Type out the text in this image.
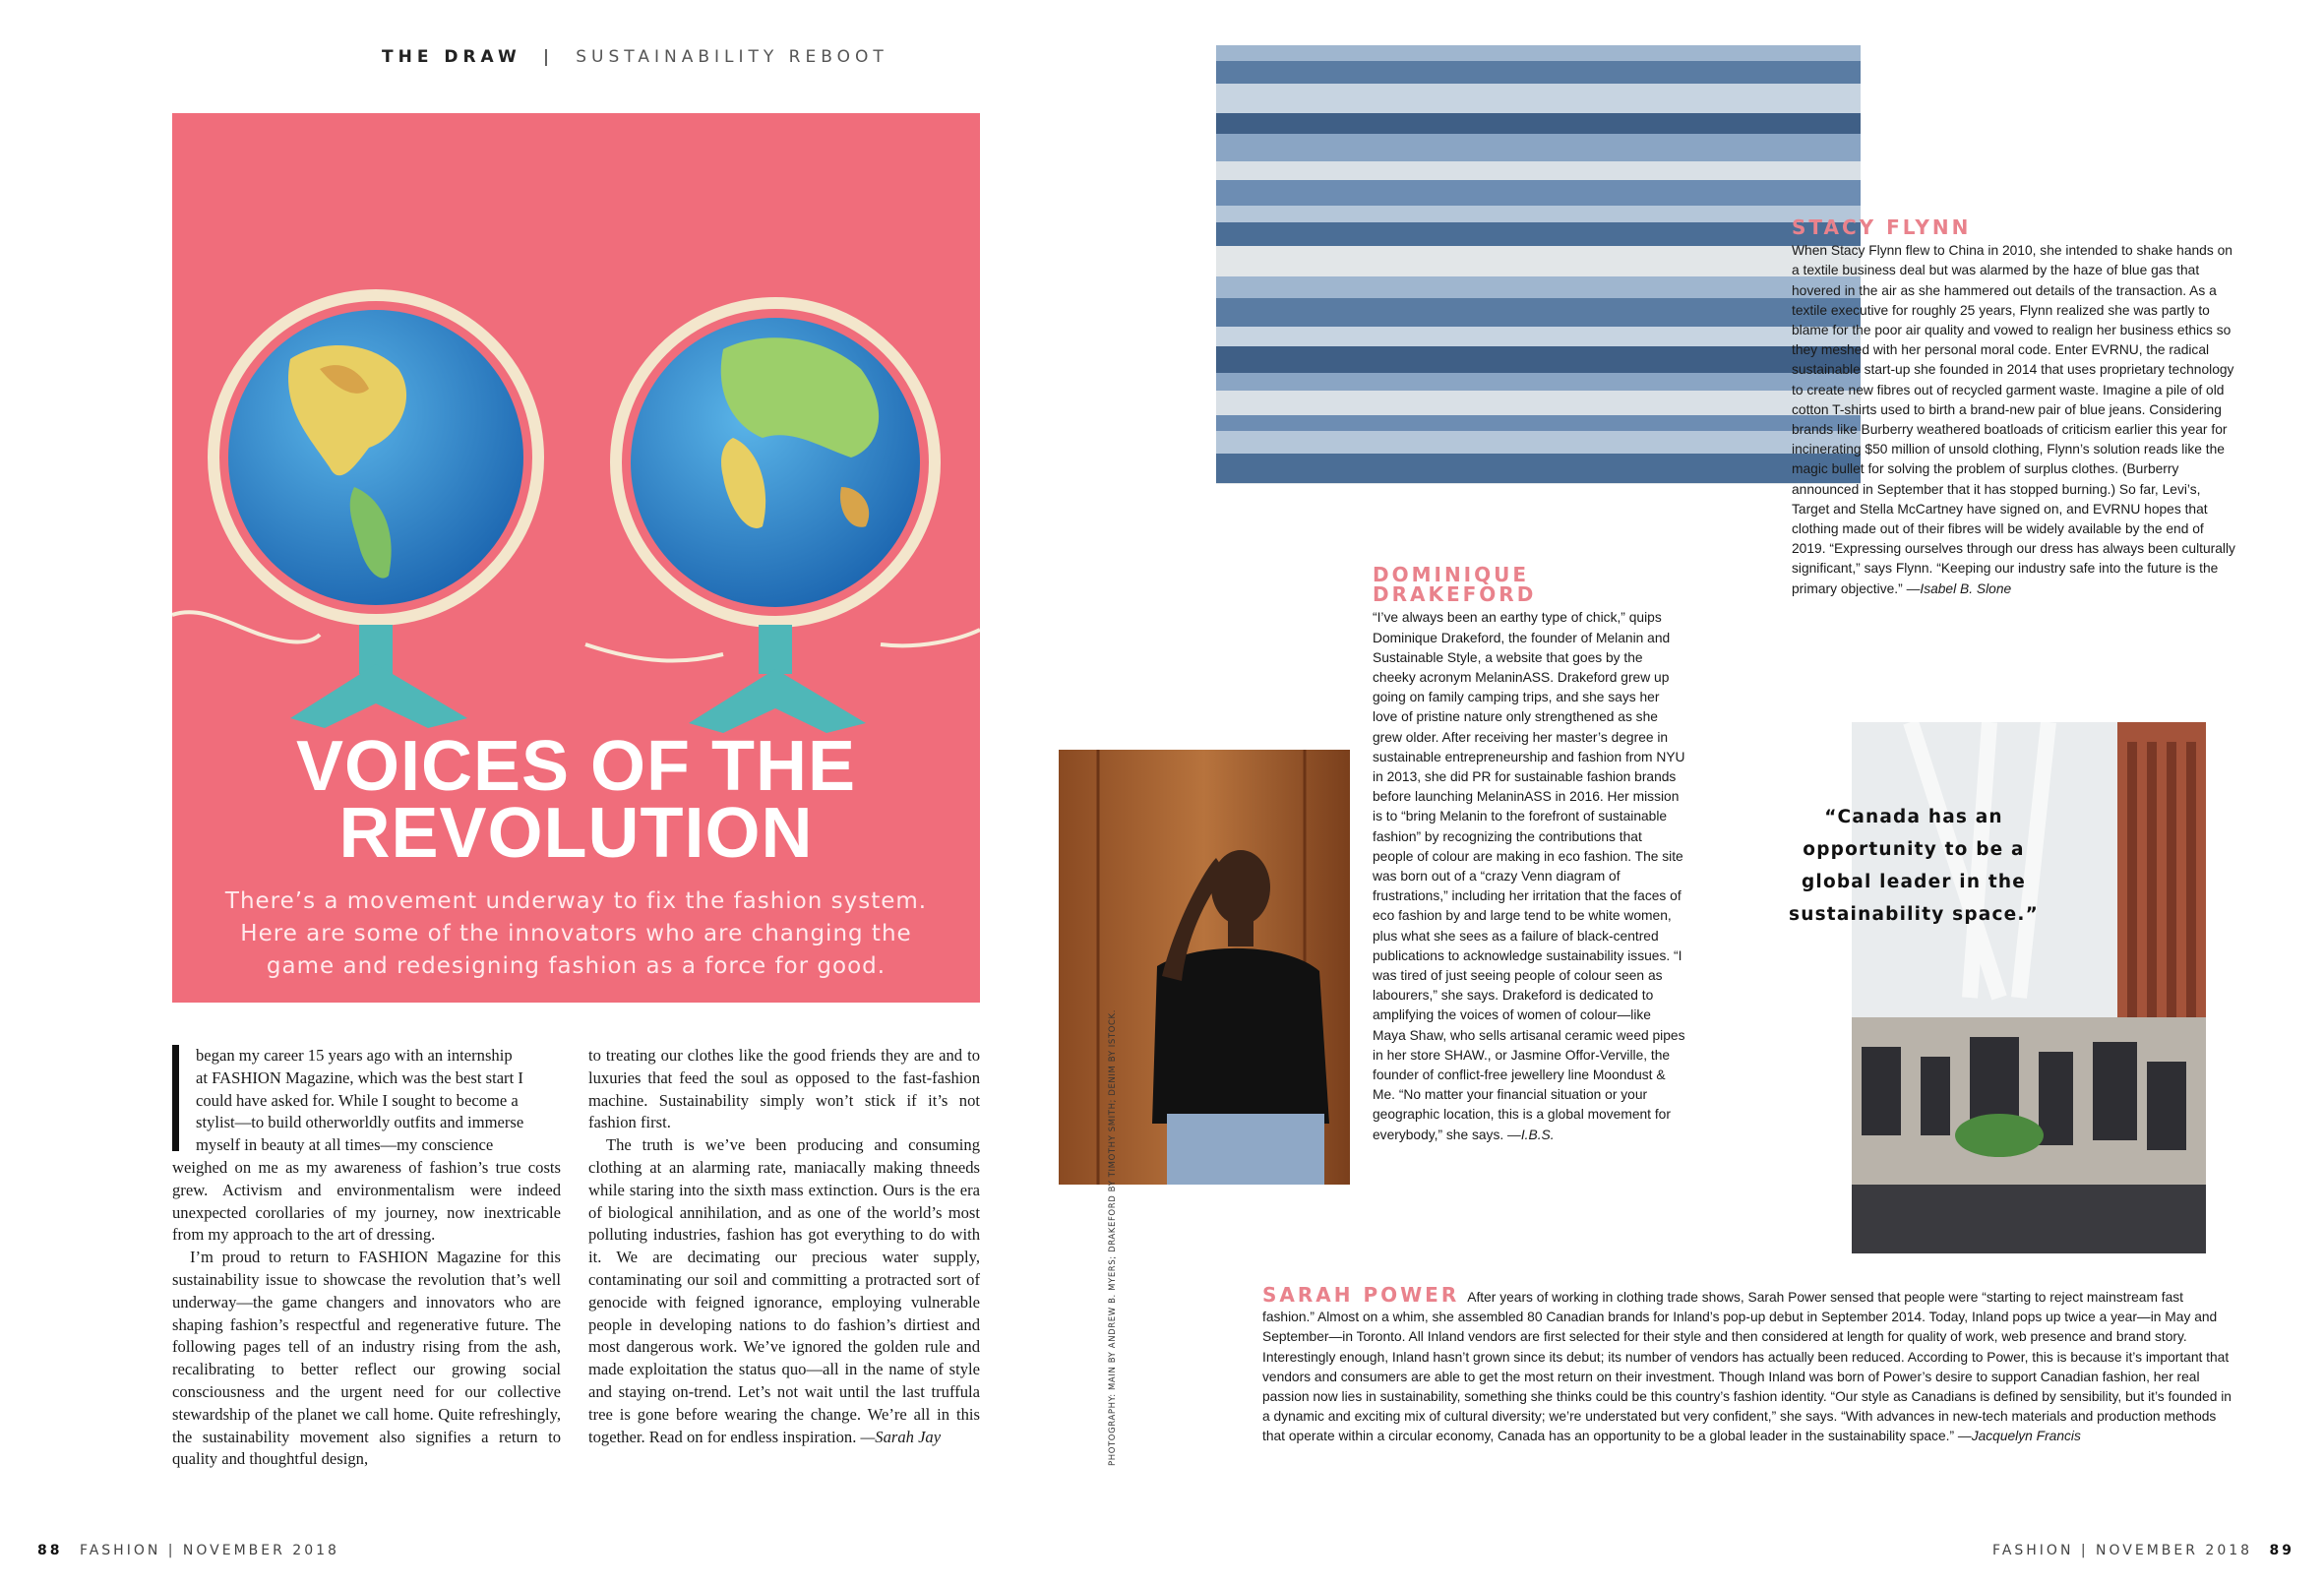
THE DRAW | SUSTAINABILITY REBOOT
VOICES OF THE
REVOLUTION
There’s a movement underway to fix the fashion system.
Here are some of the innovators who are changing the
game and redesigning fashion as a force for good.

began my career 15 years ago with an internship

at FASHION Magazine, which was the best start I

could have asked for. While I sought to become a

stylist—to build otherworldly outfits and immerse

myself in beauty at all times—my conscience

weighed on me as my awareness of fashion’s true costs grew. Activism and environmentalism were indeed unexpected corollaries of my journey, now inextricable from my approach to the art of dressing.

I’m proud to return to FASHION Magazine for this sustainability issue to showcase the revolution that’s well underway—the game changers and innovators who are shaping fashion’s respectful and regenerative future. The following pages tell of an industry rising from the ash, recalibrating to better reflect our growing social consciousness and the urgent need for our collective stewardship of the planet we call home. Quite refreshingly, the sustainability movement also signifies a return to quality and thoughtful design,

to treating our clothes like the good friends they are and to luxuries that feed the soul as opposed to the fast-fashion machine. Sustainability simply won’t stick if it’s not fashion first.

The truth is we’ve been producing and consuming clothing at an alarming rate, maniacally making thneeds while staring into the sixth mass extinction. Ours is the era of biological annihilation, and as one of the world’s most polluting industries, fashion has got everything to do with it. We are decimating our precious water supply, contaminating our soil and committing a protracted sort of genocide with feigned ignorance, employing vulnerable people in developing nations to do fashion’s dirtiest and most dangerous work. We’ve ignored the golden rule and made exploitation the status quo—all in the name of style and staying on-trend. Let’s not wait until the last truffula tree is gone before wearing the change. We’re all in this together. Read on for endless inspiration. —Sarah Jay

STACY FLYNN

When Stacy Flynn flew to China in 2010, she intended to shake hands on a textile business deal but was alarmed by the haze of blue gas that hovered in the air as she hammered out details of the transaction. As a textile executive for roughly 25 years, Flynn realized she was partly to blame for the poor air quality and vowed to realign her business ethics so they meshed with her personal moral code. Enter EVRNU, the radical sustainable start-up she founded in 2014 that uses proprietary technology to create new fibres out of recycled garment waste. Imagine a pile of old cotton T-shirts used to birth a brand-new pair of blue jeans. Considering brands like Burberry weathered boatloads of criticism earlier this year for incinerating $50 million of unsold clothing, Flynn’s solution reads like the magic bullet for solving the problem of surplus clothes. (Burberry announced in September that it has stopped burning.) So far, Levi’s, Target and Stella McCartney have signed on, and EVRNU hopes that clothing made out of their fibres will be widely available by the end of 2019. “Expressing ourselves through our dress has always been culturally significant,” says Flynn. “Keeping our industry safe into the future is the primary objective.” —Isabel B. Slone

PHOTOGRAPHY: MAIN BY ANDREW B. MYERS; DRAKEFORD BY TIMOTHY SMITH; DENIM BY ISTOCK.
DOMINIQUE DRAKEFORD

“I’ve always been an earthy type of chick,” quips Dominique Drakeford, the founder of Melanin and Sustainable Style, a website that goes by the cheeky acronym MelaninASS. Drakeford grew up going on family camping trips, and she says her love of pristine nature only strengthened as she grew older. After receiving her master’s degree in sustainable entrepreneurship and fashion from NYU in 2013, she did PR for sustainable fashion brands before launching MelaninASS in 2016. Her mission is to “bring Melanin to the forefront of sustainable fashion” by recognizing the contributions that people of colour are making in eco fashion. The site was born out of a “crazy Venn diagram of frustrations,” including her irritation that the faces of eco fashion by and large tend to be white women, plus what she sees as a failure of black-centred publications to acknowledge sustainability issues. “I was tired of just seeing people of colour seen as labourers,” she says. Drakeford is dedicated to amplifying the voices of women of colour—like Maya Shaw, who sells artisanal ceramic weed pipes in her store SHAW., or Jasmine Offor-Verville, the founder of conflict-free jewellery line Moondust & Me. “No matter your financial situation or your geographic location, this is a global movement for everybody,” she says. —I.B.S.

“Canada has an
opportunity to be a
global leader in the
sustainability space.”

SARAH POWER After years of working in clothing trade shows, Sarah Power sensed that people were “starting to reject mainstream fast fashion.” Almost on a whim, she assembled 80 Canadian brands for Inland’s pop-up debut in September 2014. Today, Inland pops up twice a year—in May and September—in Toronto. All Inland vendors are first selected for their style and then considered at length for quality of work, web presence and brand story. Interestingly enough, Inland hasn’t grown since its debut; its number of vendors has actually been reduced. According to Power, this is because it’s important that vendors and consumers are able to get the most return on their investment. Though Inland was born of Power’s desire to support Canadian fashion, her real passion now lies in sustainability, something she thinks could be this country’s fashion identity. “Our style as Canadians is defined by sensibility, but it’s founded in a dynamic and exciting mix of cultural diversity; we’re understated but very confident,” she says. “With advances in new-tech materials and production methods that operate within a circular economy, Canada has an opportunity to be a global leader in the sustainability space.” —Jacquelyn Francis

88 FASHION | NOVEMBER 2018	FASHION | NOVEMBER 2018 89
